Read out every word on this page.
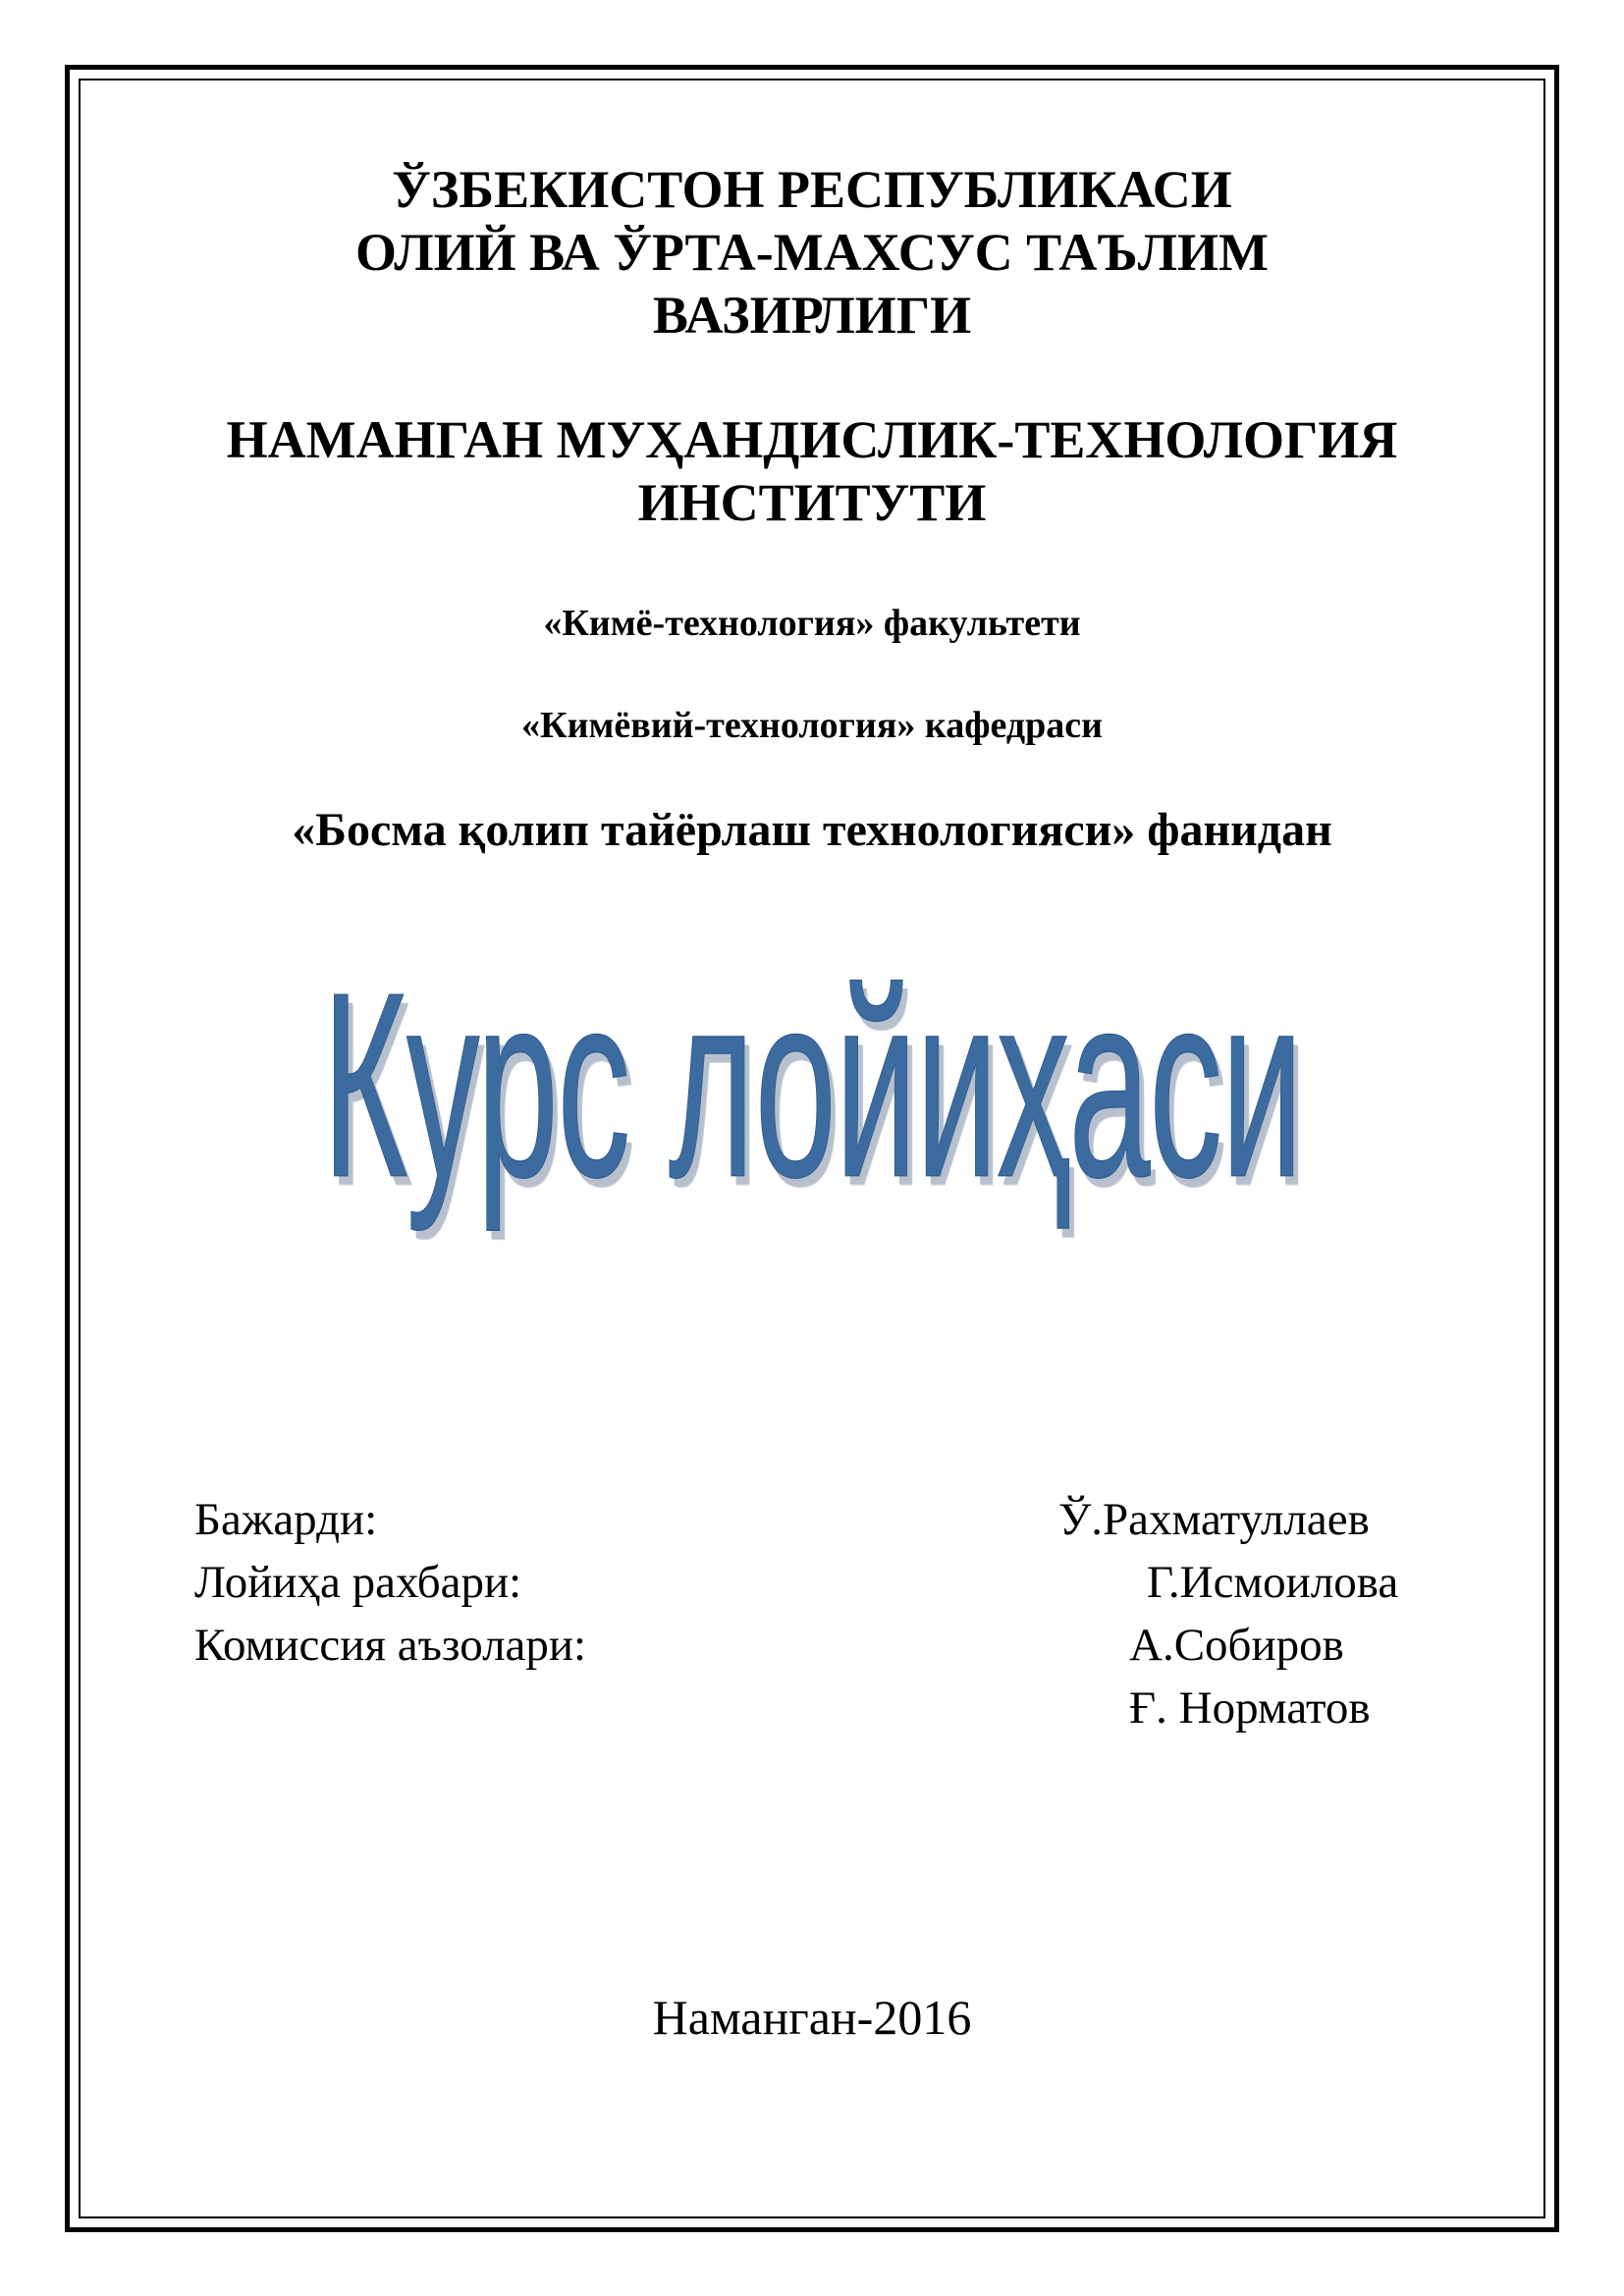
ЎЗБЕКИСТОН РЕСПУБЛИКАСИ
ОЛИЙ ВА ЎРТА-МАХСУС ТАЪЛИМ
ВАЗИРЛИГИ
НАМАНГАН МУҲАНДИСЛИК-ТЕХНОЛОГИЯ
ИНСТИТУТИ
«Кимё-технология» факультети
«Кимёвий-технология» кафедраси
«Босма қолип тайёрлаш технологияси» фанидан
Курс лойиҳаси
Бажарди:	Ў.Рахматуллаев
Лойиҳа рахбари:	Г.Исмоилова
Комиссия аъзолари:	А.Собиров
Ғ. Норматов
Наманган-2016
